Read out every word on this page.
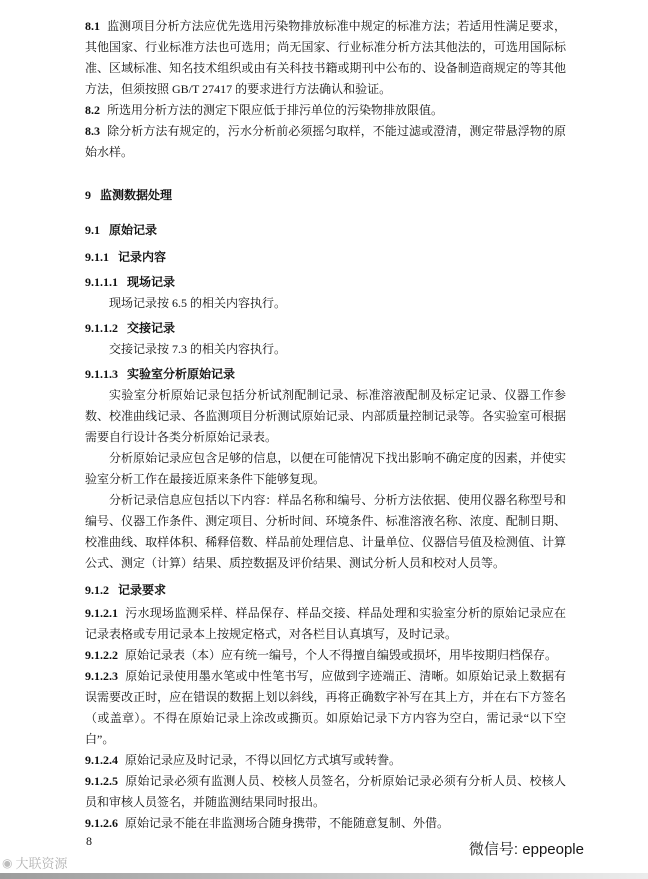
8.1 监测项目分析方法应优先选用污染物排放标准中规定的标准方法；若适用性满足要求，其他国家、行业标准方法也可选用；尚无国家、行业标准分析方法其他法的，可选用国际标准、区域标准、知名技术组织或由有关科技书籍或期刊中公布的、设备制造商规定的等其他方法，但须按照 GB/T 27417 的要求进行方法确认和验证。

8.2 所选用分析方法的测定下限应低于排污单位的污染物排放限值。

8.3 除分析方法有规定的，污水分析前必须摇匀取样，不能过滤或澄清，测定带悬浮物的原始水样。

9 监测数据处理

9.1 原始记录

9.1.1 记录内容

9.1.1.1 现场记录

现场记录按 6.5 的相关内容执行。

9.1.1.2 交接记录

交接记录按 7.3 的相关内容执行。

9.1.1.3 实验室分析原始记录

实验室分析原始记录包括分析试剂配制记录、标准溶液配制及标定记录、仪器工作参数、校准曲线记录、各监测项目分析测试原始记录、内部质量控制记录等。各实验室可根据需要自行设计各类分析原始记录表。

分析原始记录应包含足够的信息，以便在可能情况下找出影响不确定度的因素，并使实验室分析工作在最接近原来条件下能够复现。

分析记录信息应包括以下内容：样品名称和编号、分析方法依据、使用仪器名称型号和编号、仪器工作条件、测定项目、分析时间、环境条件、标准溶液名称、浓度、配制日期、校准曲线、取样体积、稀释倍数、样品前处理信息、计量单位、仪器信号值及检测值、计算公式、测定（计算）结果、质控数据及评价结果、测试分析人员和校对人员等。

9.1.2 记录要求

9.1.2.1 污水现场监测采样、样品保存、样品交接、样品处理和实验室分析的原始记录应在记录表格或专用记录本上按规定格式，对各栏目认真填写，及时记录。

9.1.2.2 原始记录表（本）应有统一编号，个人不得擅自编毁或损坏，用毕按期归档保存。

9.1.2.3 原始记录使用墨水笔或中性笔书写，应做到字迹端正、清晰。如原始记录上数据有误需要改正时，应在错误的数据上划以斜线，再将正确数字补写在其上方，并在右下方签名（或盖章）。不得在原始记录上涂改或撕页。如原始记录下方内容为空白，需记录“以下空白”。

9.1.2.4 原始记录应及时记录，不得以回忆方式填写或转誊。

9.1.2.5 原始记录必须有监测人员、校核人员签名，分析原始记录必须有分析人员、校核人员和审核人员签名，并随监测结果同时报出。

9.1.2.6 原始记录不能在非监测场合随身携带，不能随意复制、外借。

8	微信号: eppeople
◉ 大联资源
